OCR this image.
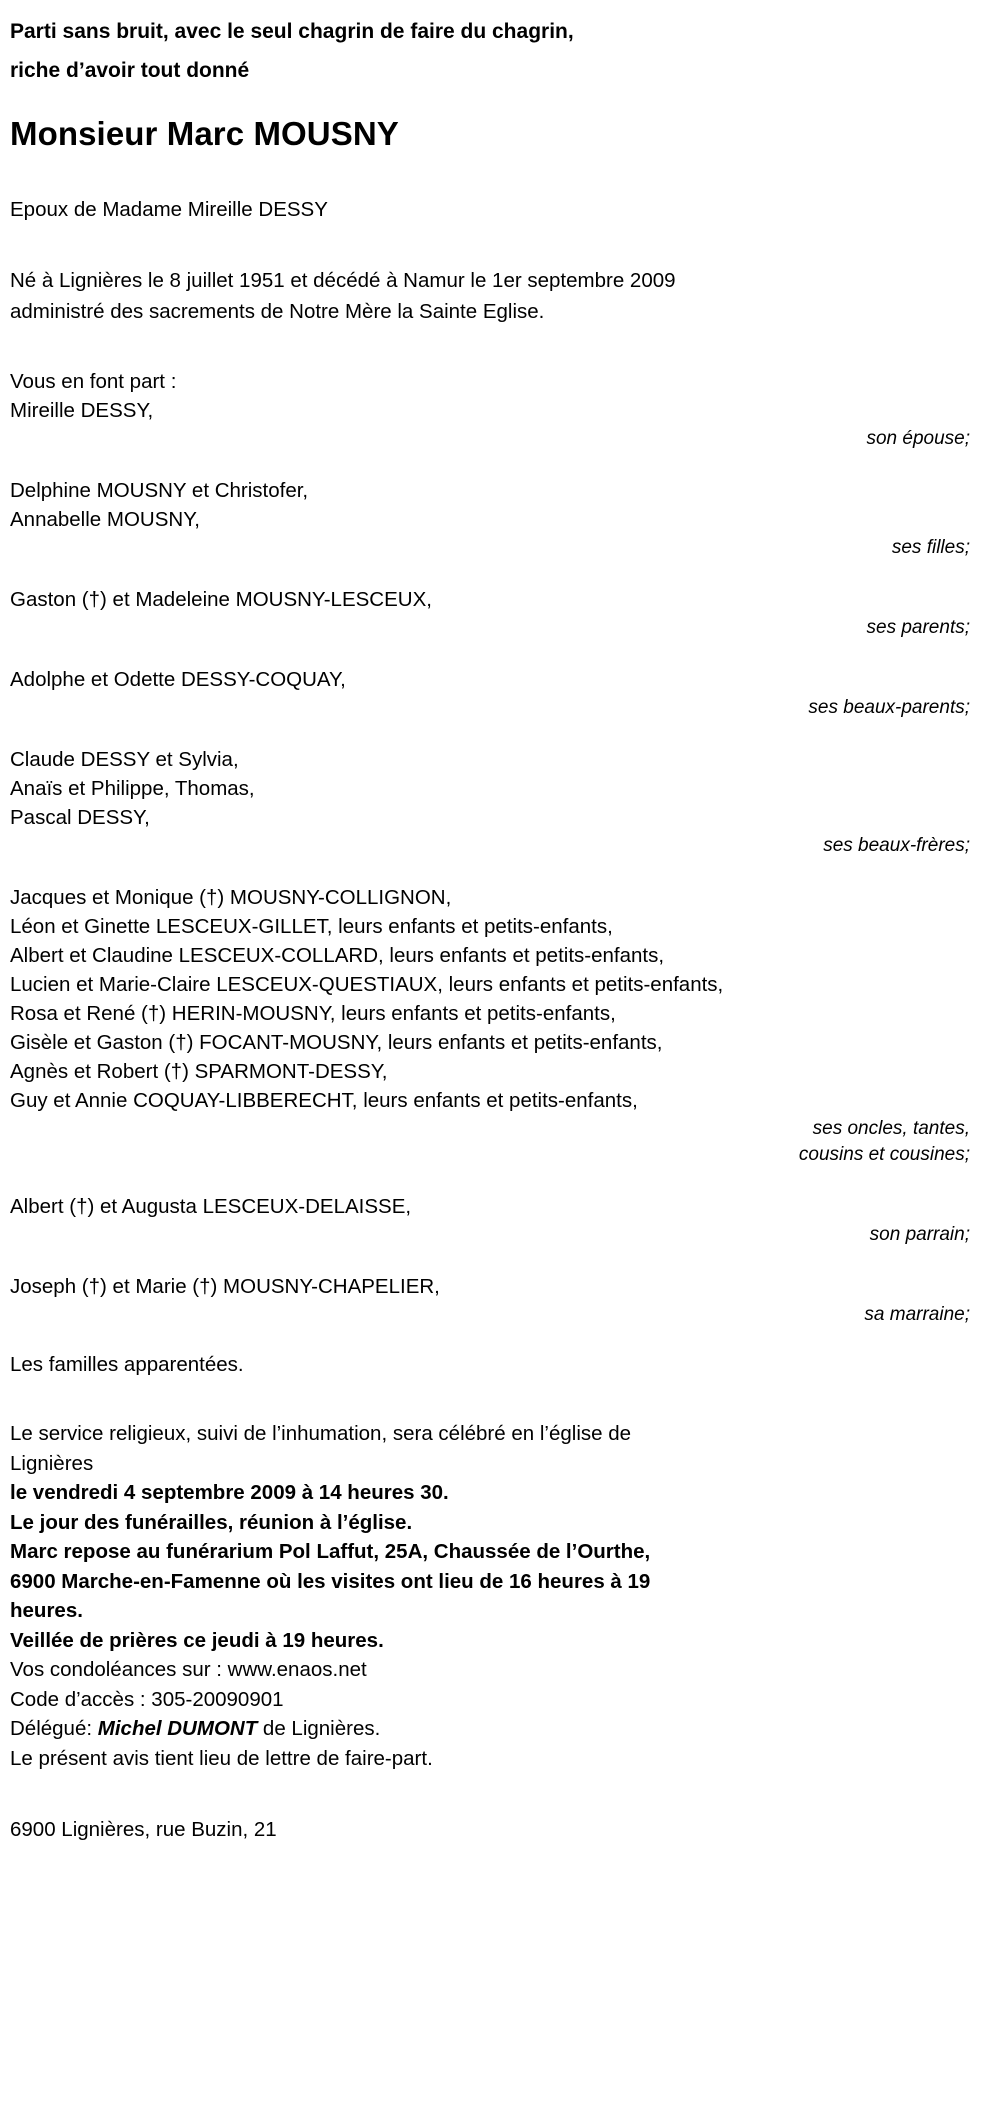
Parti sans bruit, avec le seul chagrin de faire du chagrin,
riche d’avoir tout donné
Monsieur Marc MOUSNY
Epoux de Madame Mireille DESSY
Né à Lignières le 8 juillet 1951 et décédé à Namur le 1er septembre 2009
administré des sacrements de Notre Mère la Sainte Eglise.
Vous en font part :
Mireille DESSY,
son épouse;
Delphine MOUSNY et Christofer,
Annabelle MOUSNY,
ses filles;
Gaston (†) et Madeleine MOUSNY-LESCEUX,
ses parents;
Adolphe et Odette DESSY-COQUAY,
ses beaux-parents;
Claude DESSY et Sylvia,
Anaïs et Philippe, Thomas,
Pascal DESSY,
ses beaux-frères;
Jacques et Monique (†) MOUSNY-COLLIGNON,
Léon et Ginette LESCEUX-GILLET, leurs enfants et petits-enfants,
Albert et Claudine LESCEUX-COLLARD, leurs enfants et petits-enfants,
Lucien et Marie-Claire LESCEUX-QUESTIAUX, leurs enfants et petits-enfants,
Rosa et René (†) HERIN-MOUSNY, leurs enfants et petits-enfants,
Gisèle et Gaston (†) FOCANT-MOUSNY, leurs enfants et petits-enfants,
Agnès et Robert (†) SPARMONT-DESSY,
Guy et Annie COQUAY-LIBBERECHT, leurs enfants et petits-enfants,
ses oncles, tantes,
cousins et cousines;
Albert (†) et Augusta LESCEUX-DELAISSE,
son parrain;
Joseph (†) et Marie (†) MOUSNY-CHAPELIER,
sa marraine;
Les familles apparentées.
Le service religieux, suivi de l’inhumation, sera célébré en l’église de
Lignières
le vendredi 4 septembre 2009 à 14 heures 30.
Le jour des funérailles, réunion à l’église.
Marc repose au funérarium Pol Laffut, 25A, Chaussée de l’Ourthe,
6900 Marche-en-Famenne où les visites ont lieu de 16 heures à 19
heures.
Veillée de prières ce jeudi à 19 heures.
Vos condoléances sur : www.enaos.net
Code d’accès : 305-20090901
Délégué: Michel DUMONT de Lignières.
Le présent avis tient lieu de lettre de faire-part.
6900 Lignières, rue Buzin, 21
